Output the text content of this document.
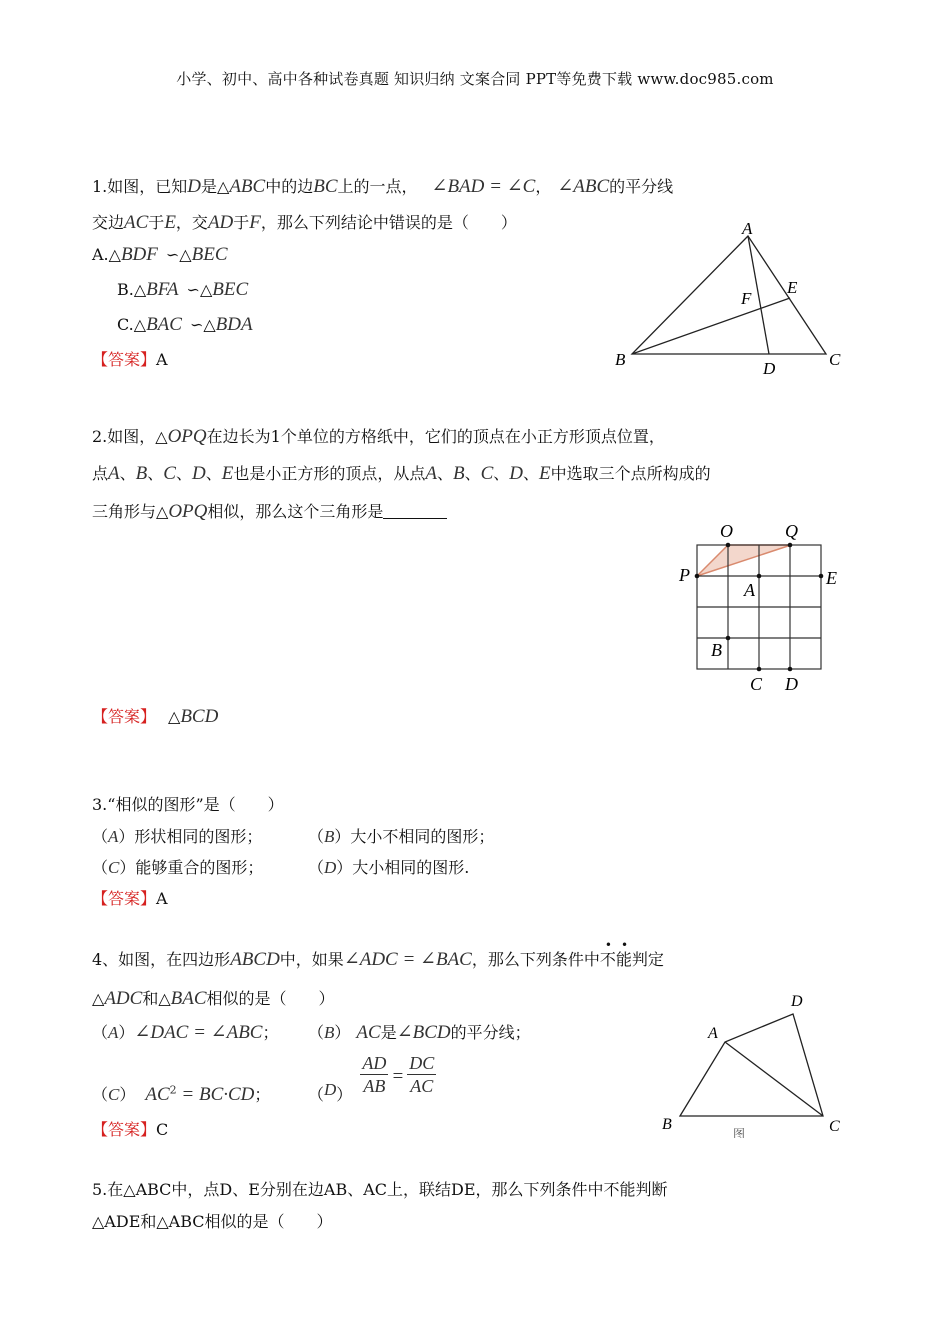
小学、初中、高中各种试卷真题 知识归纳 文案合同 PPT等免费下载 www.doc985.com
1.如图，已知D是△ABC中的边BC上的一点， ∠BAD = ∠C， ∠ABC的平分线
交边AC于E，交AD于F，那么下列结论中错误的是（　　）
A.△BDF ∽△BEC
B.△BFA ∽△BEC
C.△BAC ∽△BDA
【答案】A
A
B	C
D
E
F
2.如图，△OPQ在边长为1个单位的方格纸中，它们的顶点在小正方形顶点位置，
点A、B、C、D、E也是小正方形的顶点，从点A、B、C、D、E中选取三个点所构成的
三角形与△OPQ相似，那么这个三角形是
O	Q
P	E
A
B
C D
【答案】 △BCD
3.“相似的图形”是（　　）
（A）形状相同的图形；	（B）大小不相同的图形；
（C）能够重合的图形；	（D）大小相同的图形.
【答案】A
4、如图，在四边形ABCD中，如果∠ADC = ∠BAC，那么下列条件中不能
••
判定
△ADC和△BAC相似的是（　　）
（A）∠DAC = ∠ABC； （B） AC是∠BCD的平分线；
（C） $AC^2 = BC\cdot CD$； $(D) \frac{AD}{AB} = \frac{DC}{AC}$
【答案】C
D
A
B	C
图
5.在△ABC中，点D、E分别在边AB、AC上，联结DE，那么下列条件中不能判断
△ADE和△ABC相似的是（　　）
